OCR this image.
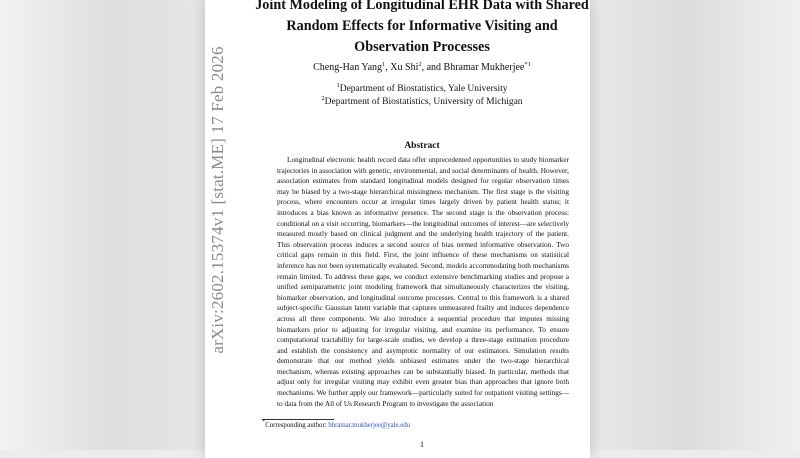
arXiv:2602.15374v1 [stat.ME] 17 Feb 2026
Joint Modeling of Longitudinal EHR Data with Shared
Random Effects for Informative Visiting and
Observation Processes
Cheng-Han Yang$^1$, Xu Shi$^2$, and Bhramar Mukherjee$^{*1}$
$^1$Department of Biostatistics, Yale University
$^2$Department of Biostatistics, University of Michigan
Abstract

Longitudinal electronic health record data offer unprecedented opportunities to study biomarker trajectories in association with genetic, environmental, and social determinants of health. However, association estimates from standard longitudinal models designed for regular observation times may be biased by a two-stage hierarchical missingness mechanism. The first stage is the visiting process, where encounters occur at irregular times largely driven by patient health status; it introduces a bias known as informative presence. The second stage is the observation process: conditional on a visit occurring, biomarkers—the longitudinal outcomes of interest—are selectively measured mostly based on clinical judgment and the underlying health trajectory of the patient. This observation process induces a second source of bias termed informative observation. Two critical gaps remain in this field. First, the joint influence of these mechanisms on statistical inference has not been systematically evaluated. Second, models accommodating both mechanisms remain limited. To address these gaps, we conduct extensive benchmarking studies and propose a unified semiparametric joint modeling framework that simultaneously characterizes the visiting, biomarker observation, and longitudinal outcome processes. Central to this framework is a shared subject-specific Gaussian latent variable that captures unmeasured frailty and induces dependence across all three components. We also introduce a sequential procedure that imputes missing biomarkers prior to adjusting for irregular visiting, and examine its performance. To ensure computational tractability for large-scale studies, we develop a three-stage estimation procedure and establish the consistency and asymptotic normality of our estimators. Simulation results demonstrate that our method yields unbiased estimates under the two-stage hierarchical mechanism, whereas existing approaches can be substantially biased. In particular, methods that adjust only for irregular visiting may exhibit even greater bias than approaches that ignore both mechanisms. We further apply our framework—particularly suited for outpatient visiting settings—to data from the All of Us Research Program to investigate the association

*Corresponding author: bhramar.mukherjee@yale.edu
1
